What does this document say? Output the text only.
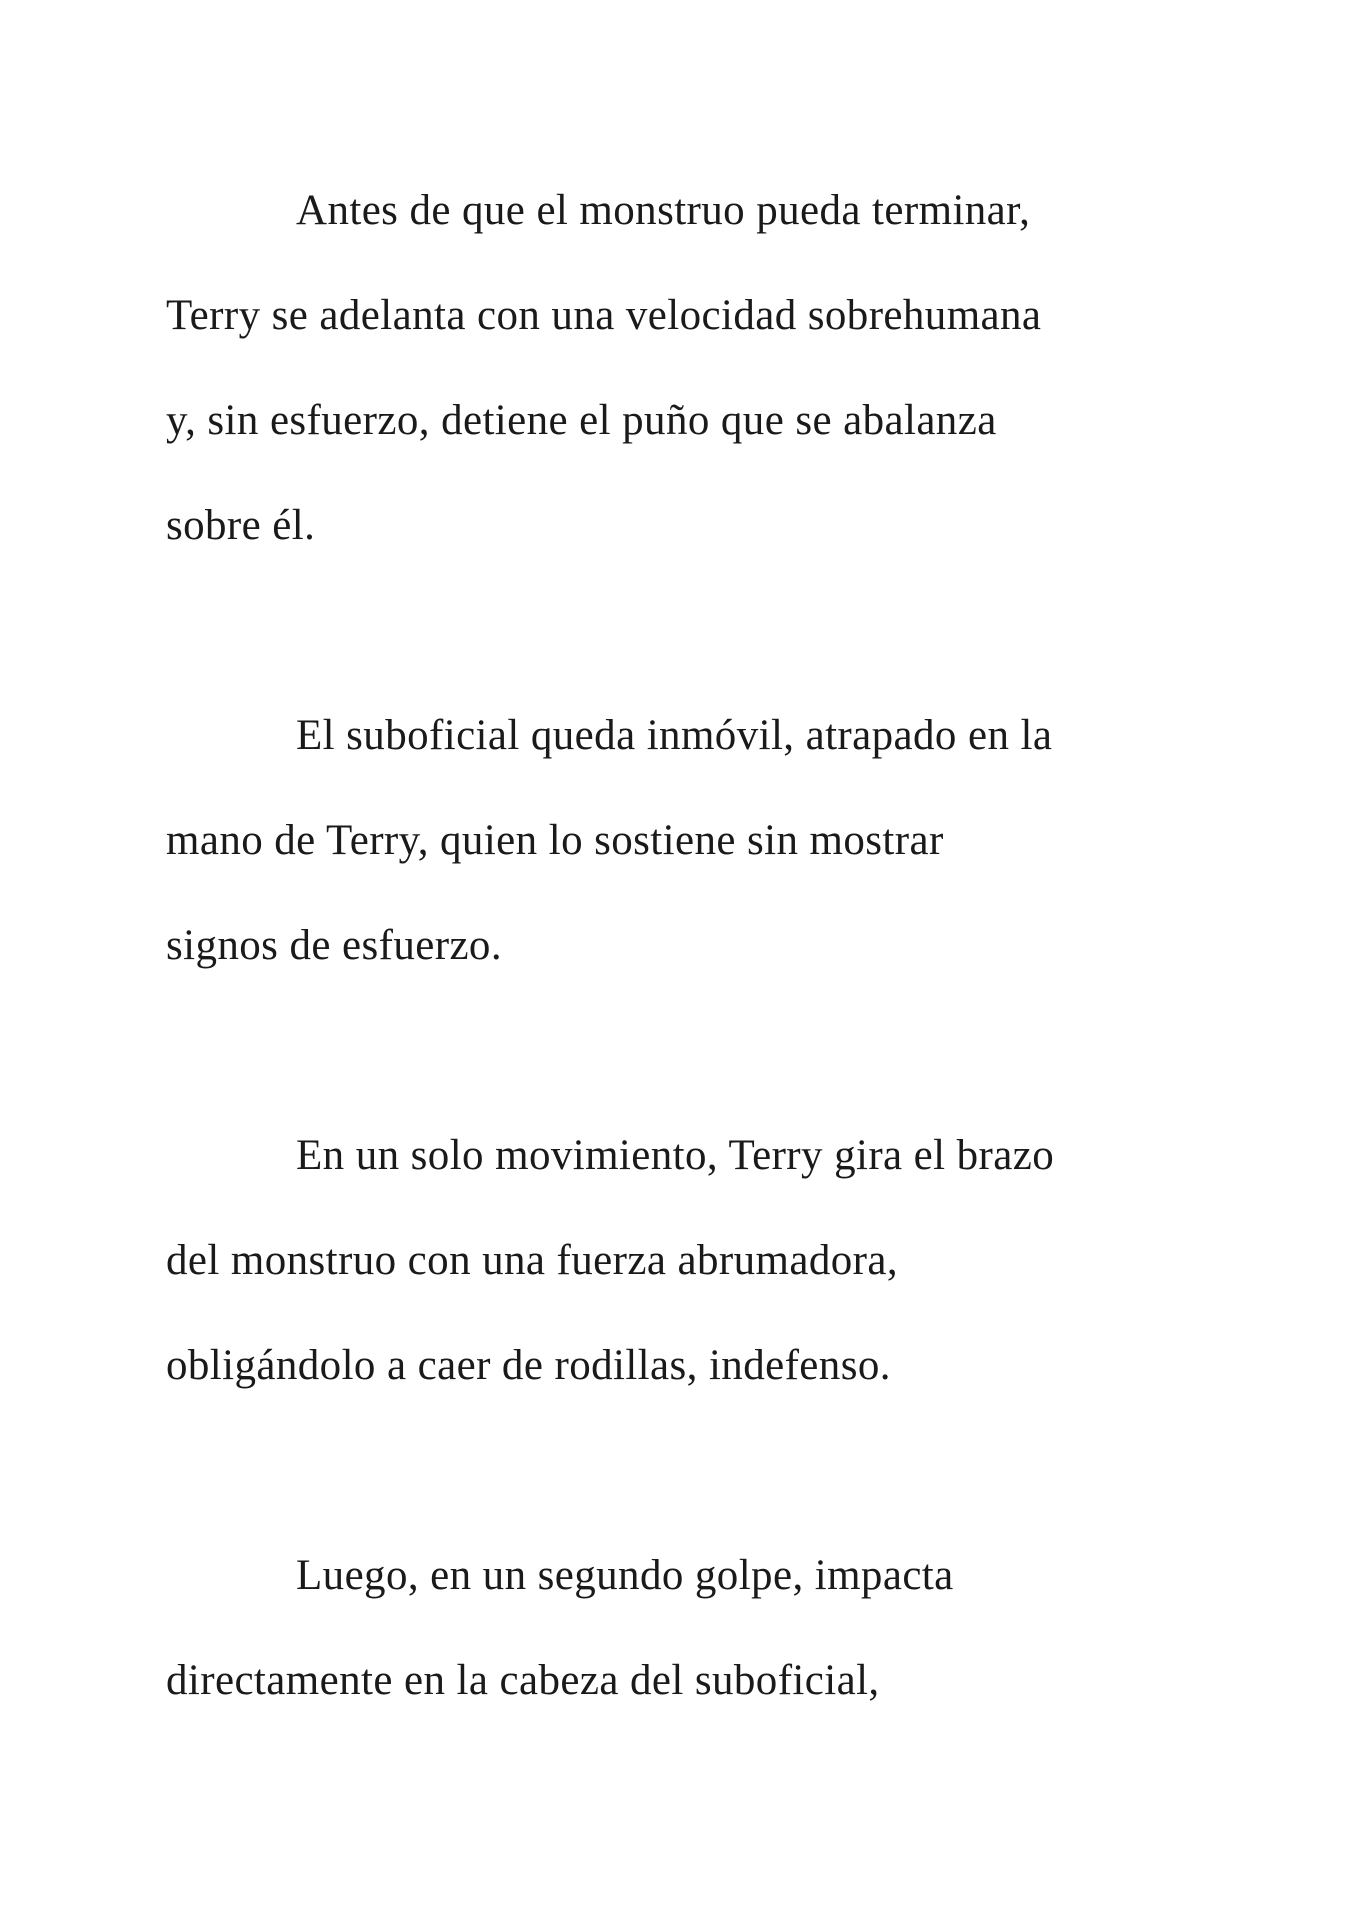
Antes de que el monstruo pueda terminar,
Terry se adelanta con una velocidad sobrehumana
y, sin esfuerzo, detiene el puño que se abalanza
sobre él.
El suboficial queda inmóvil, atrapado en la
mano de Terry, quien lo sostiene sin mostrar
signos de esfuerzo.
En un solo movimiento, Terry gira el brazo
del monstruo con una fuerza abrumadora,
obligándolo a caer de rodillas, indefenso.
Luego, en un segundo golpe, impacta
directamente en la cabeza del suboficial,
